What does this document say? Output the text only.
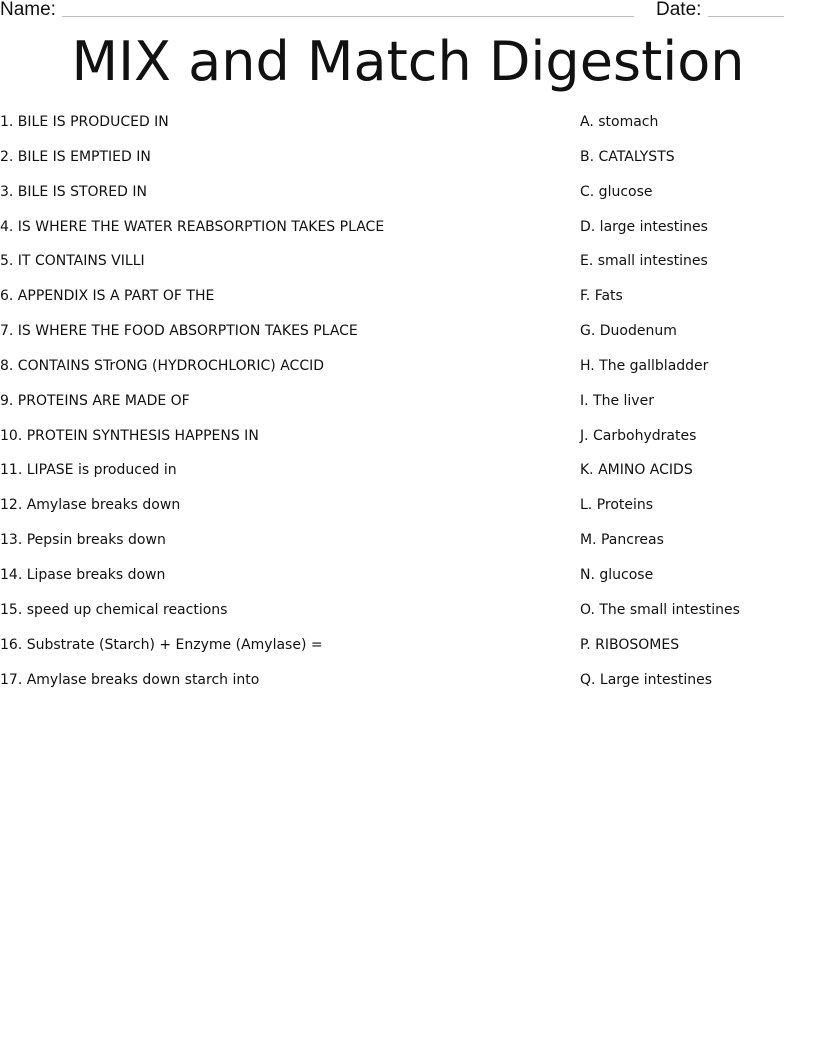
Name:	Date:
MIX and Match Digestion
1. BILE IS PRODUCED IN
2. BILE IS EMPTIED IN
3. BILE IS STORED IN
4. IS WHERE THE WATER REABSORPTION TAKES PLACE
5. IT CONTAINS VILLI
6. APPENDIX IS A PART OF THE
7. IS WHERE THE FOOD ABSORPTION TAKES PLACE
8. CONTAINS STrONG (HYDROCHLORIC) ACCID
9. PROTEINS ARE MADE OF
10. PROTEIN SYNTHESIS HAPPENS IN
11. LIPASE is produced in
12. Amylase breaks down
13. Pepsin breaks down
14. Lipase breaks down
15. speed up chemical reactions
16. Substrate (Starch) + Enzyme (Amylase) =
17. Amylase breaks down starch into
A. stomach
B. CATALYSTS
C. glucose
D. large intestines
E. small intestines
F. Fats
G. Duodenum
H. The gallbladder
I. The liver
J. Carbohydrates
K. AMINO ACIDS
L. Proteins
M. Pancreas
N. glucose
O. The small intestines
P. RIBOSOMES
Q. Large intestines
